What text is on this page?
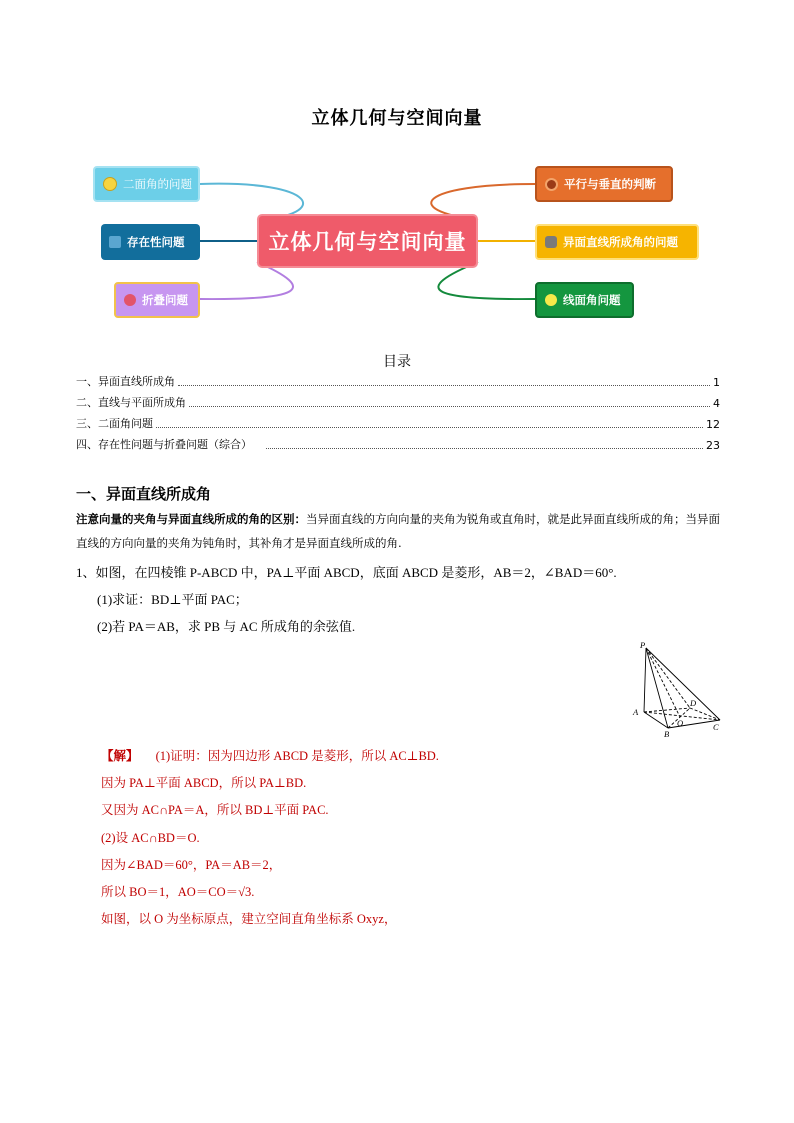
立体几何与空间向量
立体几何与空间向量
二面角的问题
存在性问题
折叠问题
平行与垂直的判断
异面直线所成角的问题
线面角问题
目录
一、异面直线所成角	1
二、直线与平面所成角	4
三、二面角问题	12
四、存在性问题与折叠问题（综合）	23
一、异面直线所成角
注意向量的夹角与异面直线所成的角的区别：当异面直线的方向向量的夹角为锐角或直角时，就是此异面直线所成的角；当异面直线的方向向量的夹角为钝角时，其补角才是异面直线所成的角.
1、如图，在四棱锥 P-ABCD 中，PA⊥平面 ABCD，底面 ABCD 是菱形，AB＝2，∠BAD＝60°.
(1)求证：BD⊥平面 PAC；
(2)若 PA＝AB，求 PB 与 AC 所成角的余弦值.
P
A
B
C
D
O
【解】 (1)证明：因为四边形 ABCD 是菱形，所以 AC⊥BD.
因为 PA⊥平面 ABCD，所以 PA⊥BD.
又因为 AC∩PA＝A，所以 BD⊥平面 PAC.
(2)设 AC∩BD＝O.
因为∠BAD＝60°，PA＝AB＝2，
所以 BO＝1，AO＝CO＝√3.
如图，以 O 为坐标原点，建立空间直角坐标系 Oxyz，
